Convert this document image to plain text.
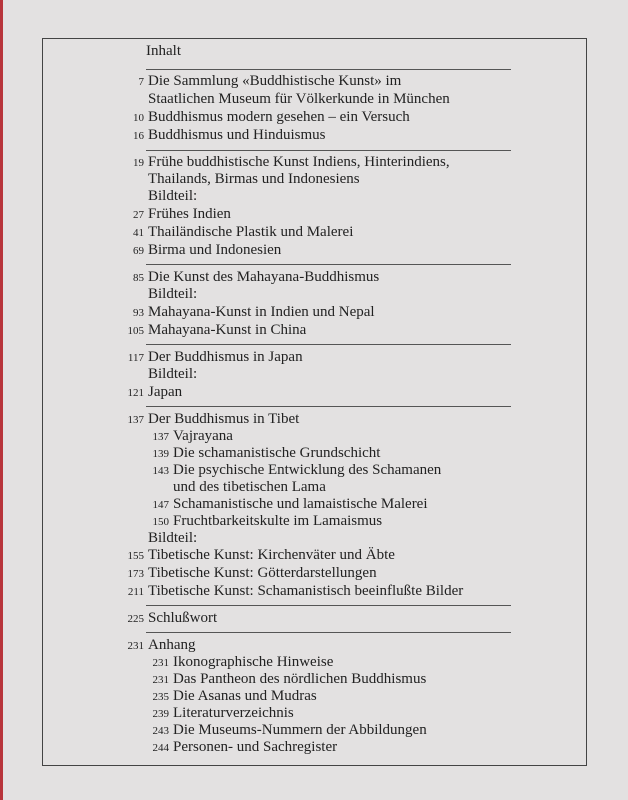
Inhalt
7 Die Sammlung «Buddhistische Kunst» im
Staatlichen Museum für Völkerkunde in München
10 Buddhismus modern gesehen – ein Versuch
16 Buddhismus und Hinduismus
19 Frühe buddhistische Kunst Indiens, Hinterindiens,
Thailands, Birmas und Indonesiens
Bildteil:
27 Frühes Indien
41 Thailändische Plastik und Malerei
69 Birma und Indonesien
85 Die Kunst des Mahayana-Buddhismus
Bildteil:
93 Mahayana-Kunst in Indien und Nepal
105 Mahayana-Kunst in China
117 Der Buddhismus in Japan
Bildteil:
121 Japan
137 Der Buddhismus in Tibet
137 Vajrayana
139 Die schamanistische Grundschicht
143 Die psychische Entwicklung des Schamanen
und des tibetischen Lama
147 Schamanistische und lamaistische Malerei
150 Fruchtbarkeitskulte im Lamaismus
Bildteil:
155 Tibetische Kunst: Kirchenväter und Äbte
173 Tibetische Kunst: Götterdarstellungen
211 Tibetische Kunst: Schamanistisch beeinflußte Bilder
225 Schlußwort
231 Anhang
231 Ikonographische Hinweise
231 Das Pantheon des nördlichen Buddhismus
235 Die Asanas und Mudras
239 Literaturverzeichnis
243 Die Museums-Nummern der Abbildungen
244 Personen- und Sachregister
